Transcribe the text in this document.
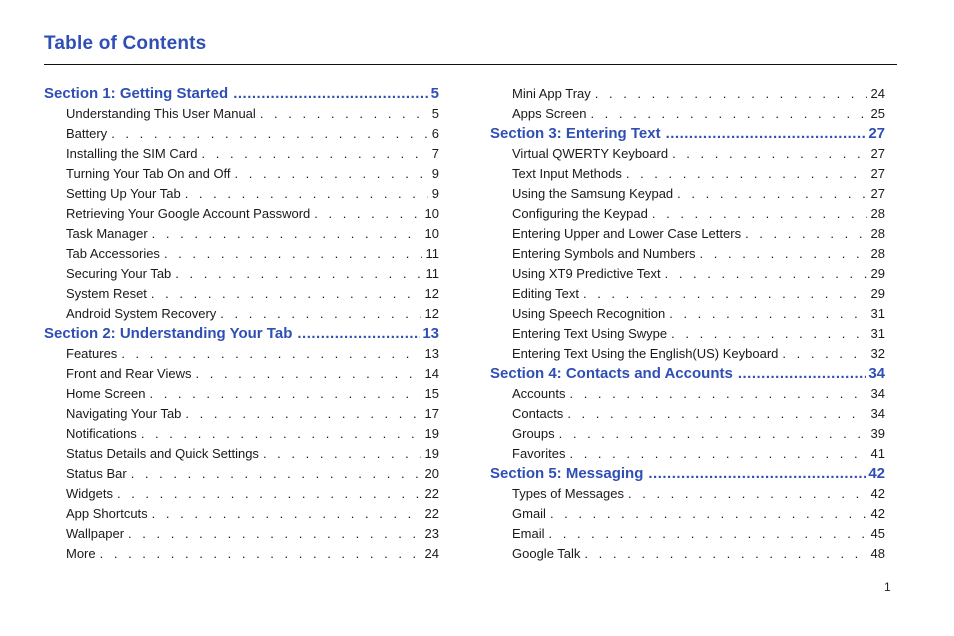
Table of Contents
Section 1: Getting Started .....	5
Understanding This User Manual . . .	5
Battery . . .	6
Installing the SIM Card . . .	7
Turning Your Tab On and Off . . .	9
Setting Up Your Tab . . .	9
Retrieving Your Google Account Password . . .	10
Task Manager . . .	10
Tab Accessories . . .	11
Securing Your Tab . . .	11
System Reset . . .	12
Android System Recovery . . .	12
Section 2: Understanding Your Tab .....	13
Features . . .	13
Front and Rear Views . . .	14
Home Screen . . .	15
Navigating Your Tab . . .	17
Notifications . . .	19
Status Details and Quick Settings . . .	19
Status Bar . . .	20
Widgets . . .	22
App Shortcuts . . .	22
Wallpaper . . .	23
More . . .	24
Mini App Tray . . .	24
Apps Screen . . .	25
Section 3: Entering Text .....	27
Virtual QWERTY Keyboard . . .	27
Text Input Methods . . .	27
Using the Samsung Keypad . . .	27
Configuring the Keypad . . .	28
Entering Upper and Lower Case Letters . . .	28
Entering Symbols and Numbers . . .	28
Using XT9 Predictive Text . . .	29
Editing Text . . .	29
Using Speech Recognition . . .	31
Entering Text Using Swype . . .	31
Entering Text Using the English(US) Keyboard . . .	32
Section 4: Contacts and Accounts .....	34
Accounts . . .	34
Contacts . . .	34
Groups . . .	39
Favorites . . .	41
Section 5: Messaging .....	42
Types of Messages . . .	42
Gmail . . .	42
Email . . .	45
Google Talk . . .	48
1
